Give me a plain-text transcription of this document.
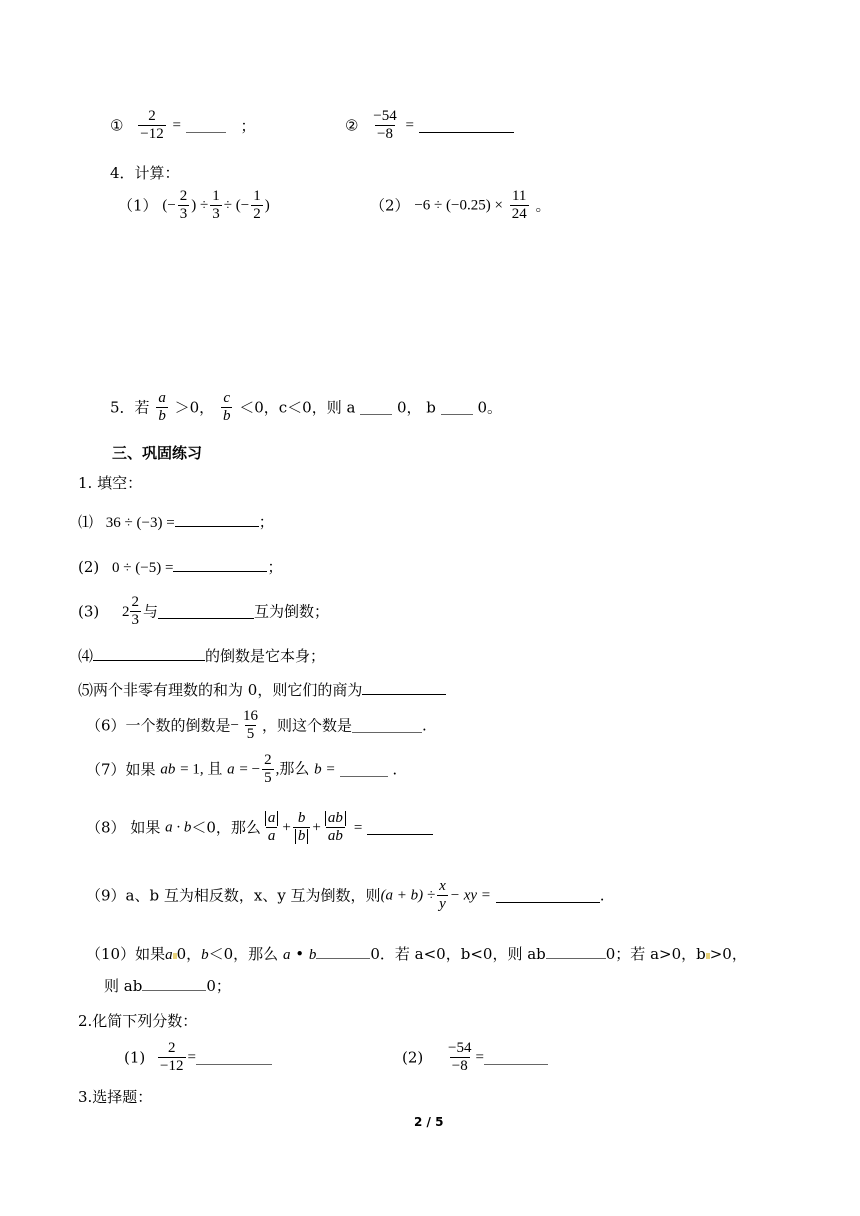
① $\frac{2}{-12}$ =	；	② $\frac{-54}{-8}$ =
4．计算：
（1） (− $\frac{2}{3}$ ) ÷ $\frac{1}{3}$ ÷ (− $\frac{1}{2}$ )	$(2) -6 \div (-0.25) \times \frac{11}{24}$ 。
5．若 $\frac{a}{b} >0$， $\frac{c}{b} <0$，c＜0，则 a	0， b	0。
三、巩固练习
1. 填空：
⑴ 36 ÷ (−3) =	；
(2) 0 ÷ (−5) =	；
(3) $2 \frac{2}{3}$ 与	互为倒数；
⑷	的倒数是它本身；
⑸两个非零有理数的和为 0，则它们的商为
（6）一个数的倒数是− $\frac{16}{5}$ ，则这个数是	.
（7）如果 ab = 1, 且 a = − $\frac{2}{5}$ ,那么 b =	.
（8） 如果 a · b＜0，那么 $\frac{a}{a} + \frac{b}{b} + \frac{ab}{ab}$ =
（9）a、b 互为相反数，x、y 互为倒数，则$(a + b) \div \frac{x}{y}$ − xy =	.
（10）如果a 0，b＜0，那么 a • b	0．若 a<0，b<0，则 ab	0；若 a>0，b >0，
则 ab	0；
2.化简下列分数：
$(1) \frac{2}{-12}$ =	$(2) \frac{-54}{-8}$ =
3.选择题：
2 / 5
